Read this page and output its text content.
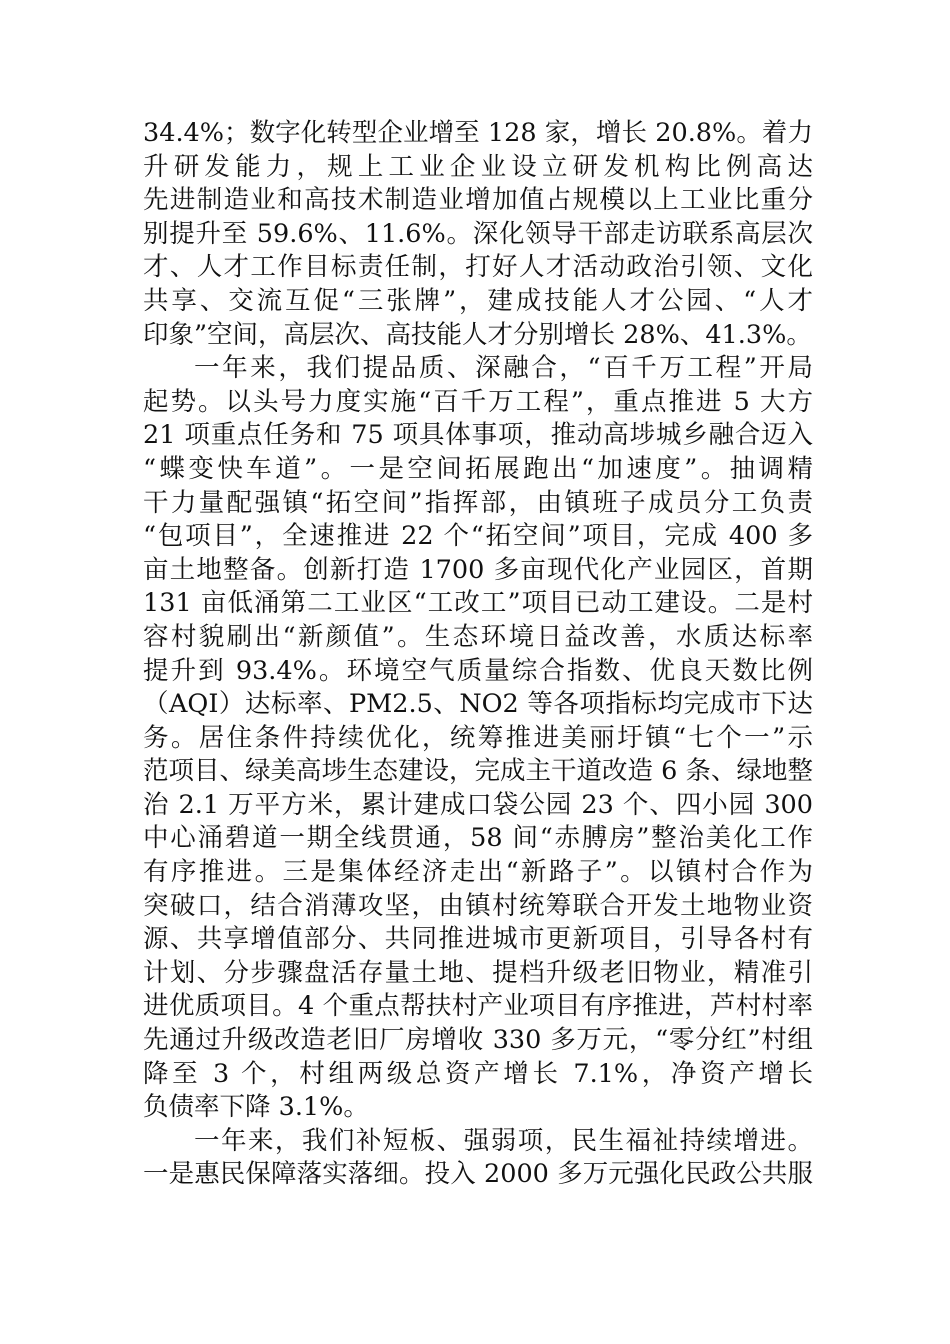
34.4%；数字化转型企业增至 128 家，增长 20.8%。着力
升研发能力，规上工业企业设立研发机构比例高达
先进制造业和高技术制造业增加值占规模以上工业比重分
别提升至 59.6%、11.6%。深化领导干部走访联系高层次
才、人才工作目标责任制，打好人才活动政治引领、文化
共享、交流互促“三张牌”，建成技能人才公园、“人才
印象”空间，高层次、高技能人才分别增长 28%、41.3%。
一年来，我们提品质、深融合，“百千万工程”开局
起势。以头号力度实施“百千万工程”，重点推进 5 大方
21 项重点任务和 75 项具体事项，推动高埗城乡融合迈入
“蝶变快车道”。一是空间拓展跑出“加速度”。抽调精
干力量配强镇“拓空间”指挥部，由镇班子成员分工负责
“包项目”，全速推进 22 个“拓空间”项目，完成 400 多
亩土地整备。创新打造 1700 多亩现代化产业园区，首期
131 亩低涌第二工业区“工改工”项目已动工建设。二是村
容村貌刷出“新颜值”。生态环境日益改善，水质达标率
提升到 93.4%。环境空气质量综合指数、优良天数比例
（AQI）达标率、PM2.5、NO2 等各项指标均完成市下达
务。居住条件持续优化，统筹推进美丽圩镇“七个一”示
范项目、绿美高埗生态建设，完成主干道改造 6 条、绿地整
治 2.1 万平方米，累计建成口袋公园 23 个、四小园 300
中心涌碧道一期全线贯通，58 间“赤膊房”整治美化工作
有序推进。三是集体经济走出“新路子”。以镇村合作为
突破口，结合消薄攻坚，由镇村统筹联合开发土地物业资
源、共享增值部分、共同推进城市更新项目，引导各村有
计划、分步骤盘活存量土地、提档升级老旧物业，精准引
进优质项目。4 个重点帮扶村产业项目有序推进，芦村村率
先通过升级改造老旧厂房增收 330 多万元，“零分红”村组
降至 3 个，村组两级总资产增长 7.1%，净资产增长
负债率下降 3.1%。
一年来，我们补短板、强弱项，民生福祉持续增进。
一是惠民保障落实落细。投入 2000 多万元强化民政公共服
